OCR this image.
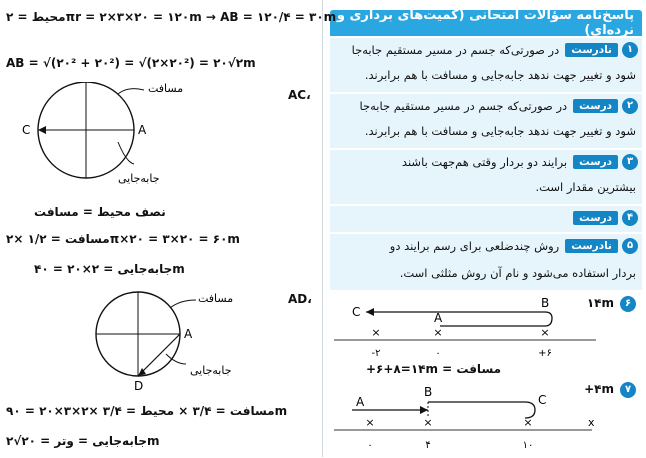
پاسخ‌نامه سؤالات امتحانی (کمیت‌های برداری و نرده‌ای)
۱
نادرست
در صورتی‌که جسم در مسیر مستقیم جابه‌جا
شود و تغییر جهت ندهد جابه‌جایی و مسافت با هم برابرند.
۲
درست
در صورتی‌که جسم در مسیر مستقیم جابه‌جا
شود و تغییر جهت ندهد جابه‌جایی و مسافت با هم برابرند.
۳
درست
برایند دو بردار وقتی هم‌جهت باشند
بیشترین مقدار است.
۴
درست
۵
نادرست
روش چندضلعی برای رسم برایند دو
بردار استفاده می‌شود و نام آن روش مثلثی است.
۶
۱۴m
×	×	×
A
B
C
-۲	۰	+۶
+۶+۸=۱۴m = مسافت
۷
+۴m
×	×	×
A
B
C
x
۰	۴	۱۰
محیط = ۲πr = ۲×۳×۲۰ = ۱۲۰m → AB = ۱۲۰/۴ = ۳۰m
AB = √(۲۰² + ۲۰²) = √(۲×۲۰²) = ۲۰√۲m
AC،
C	A
مسافت
جابه‌جایی
نصف محیط = مسافت
مسافت = ۱/۲ ×۲π×۲۰ = ۳×۲۰ = ۶۰m
جابه‌جایی = ۲×۲۰ = ۴۰m
AD،
A
D
مسافت
جابه‌جایی
مسافت = ۳/۴ × محیط = ۳/۴ ×۲×۳×۲۰ = ۹۰m
جابه‌جایی = وتر = ۲۰√۲m
